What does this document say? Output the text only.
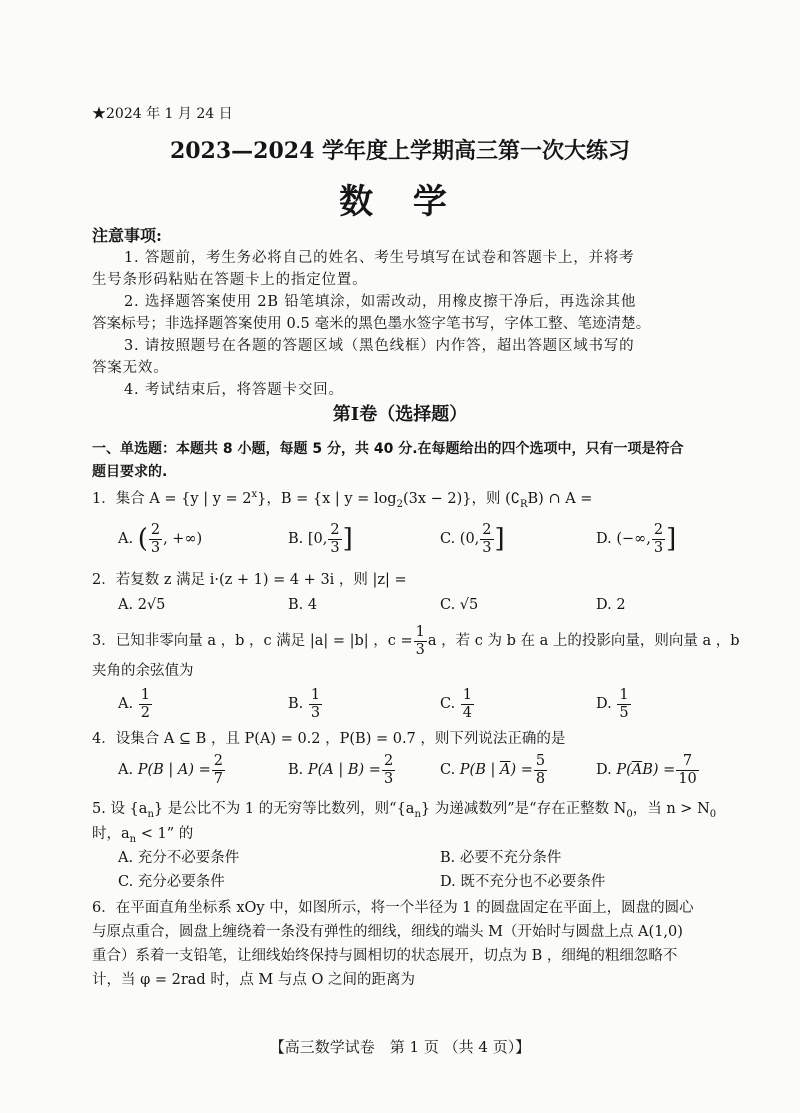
★2024 年 1 月 24 日
2023—2024 学年度上学期高三第一次大练习
数 学
注意事项:
1. 答题前，考生务必将自己的姓名、考生号填写在试卷和答题卡上，并将考
生号条形码粘贴在答题卡上的指定位置。
2. 选择题答案使用 2B 铅笔填涂，如需改动，用橡皮擦干净后，再选涂其他
答案标号；非选择题答案使用 0.5 毫米的黑色墨水签字笔书写，字体工整、笔迹清楚。
3. 请按照题号在各题的答题区域（黑色线框）内作答，超出答题区域书写的
答案无效。
4. 考试结束后，将答题卡交回。
第Ⅰ卷（选择题）
一、单选题：本题共 8 小题，每题 5 分，共 40 分.在每题给出的四个选项中，只有一项是符合
题目要求的.
1．集合 A = {y | $y = 2^x$}，B = {x | $y = \log_2(3x - 2)$}，则 $(∁_RB)$ ∩ A =
A. ( $\frac{2}{3}$ , +∞)	B. [0, $\frac{2}{3}$ ]	C. (0, $\frac{2}{3}$ ]	D. (−∞, $\frac{2}{3}$ ]
2．若复数 z 满足 i·(z + 1) = 4 + 3i ，则 |z| =
A. 2√5	B. 4	C. √5	D. 2
3．已知非零向量 a ，b ，c 满足 |a| = |b| ，$c = \frac{1}{3}$ a ，若 c 为 b 在 a 上的投影向量，则向量 a ，b
夹角的余弦值为
A. $\frac{1}{2}$	B. $\frac{1}{3}$	C. $\frac{1}{4}$	D. $\frac{1}{5}$
4．设集合 A ⊆ B ，且 P(A) = 0.2 ，P(B) = 0.7 ，则下列说法正确的是
A. P(B | $A) = \frac{2}{7}$	B. P(A | $B) = \frac{2}{3}$	C. P(B | $\overline{A}) = \frac{5}{8}$	D. $P(\overline{A}B) = \frac{7}{10}$
5. 设 $\{a_n\}$ 是公比不为 1 的无穷等比数列，则“$\{a_n\}$ 为递减数列”是“存在正整数 $N_0$，当 $n > N_0$
时，$a_n < 1$” 的
A. 充分不必要条件	B. 必要不充分条件
C. 充分必要条件	D. 既不充分也不必要条件
6．在平面直角坐标系 xOy 中，如图所示，将一个半径为 1 的圆盘固定在平面上，圆盘的圆心
与原点重合，圆盘上缠绕着一条没有弹性的细线，细线的端头 M（开始时与圆盘上点 A(1,0)
重合）系着一支铅笔，让细线始终保持与圆相切的状态展开，切点为 B ，细绳的粗细忽略不
计，当 φ = 2rad 时，点 M 与点 O 之间的距离为
【高三数学试卷　第 1 页 （共 4 页）】
